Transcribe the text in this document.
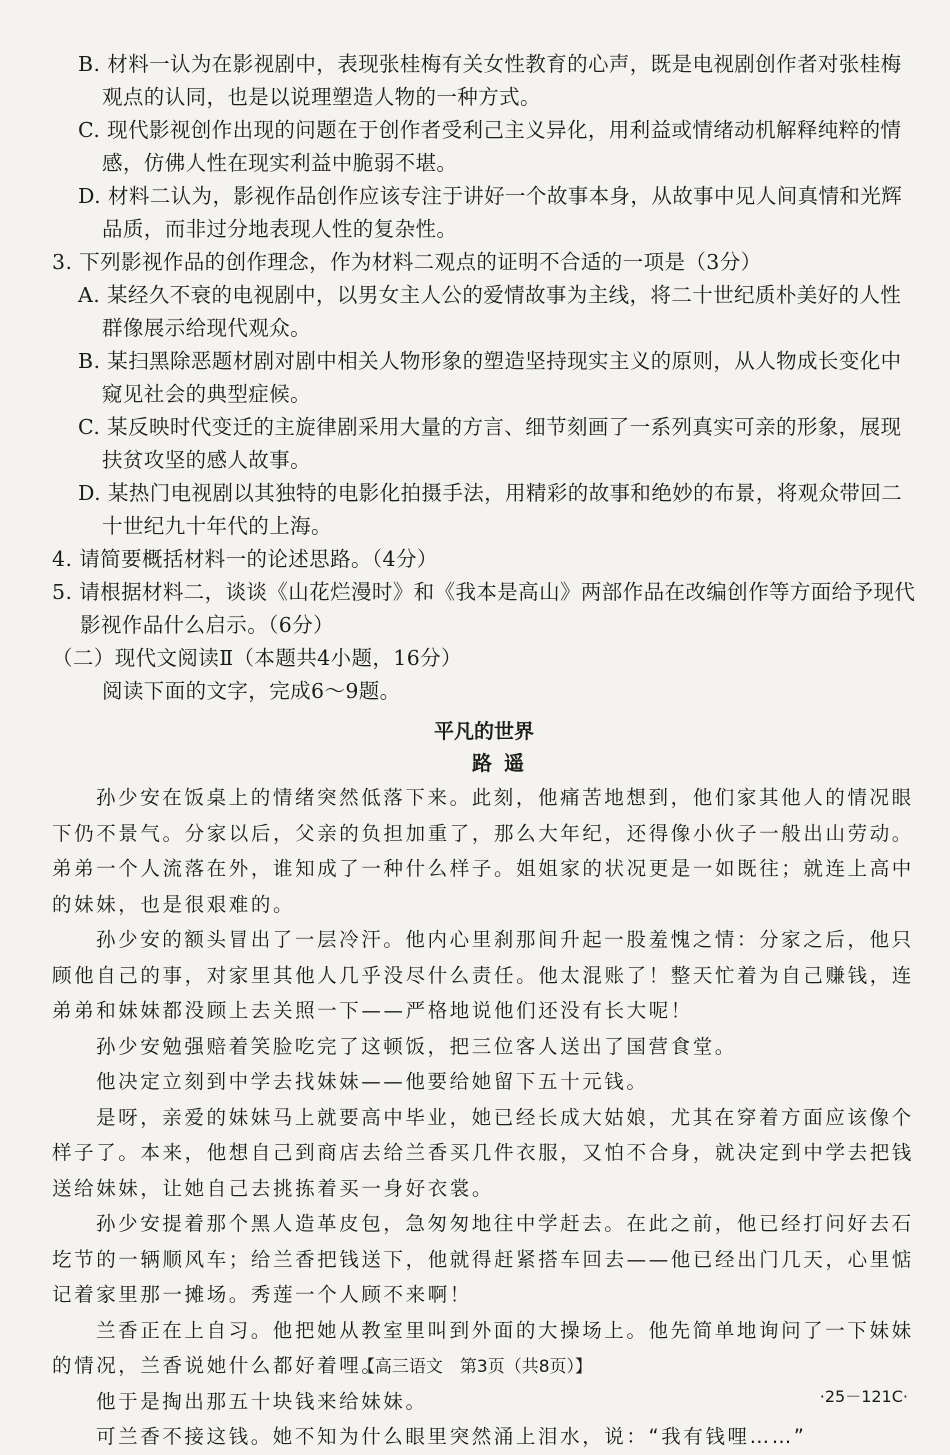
B. 材料一认为在影视剧中，表现张桂梅有关女性教育的心声，既是电视剧创作者对张桂梅观点的认同，也是以说理塑造人物的一种方式。

C. 现代影视创作出现的问题在于创作者受利己主义异化，用利益或情绪动机解释纯粹的情感，仿佛人性在现实利益中脆弱不堪。

D. 材料二认为，影视作品创作应该专注于讲好一个故事本身，从故事中见人间真情和光辉品质，而非过分地表现人性的复杂性。

3. 下列影视作品的创作理念，作为材料二观点的证明不合适的一项是（3分）

A. 某经久不衰的电视剧中，以男女主人公的爱情故事为主线，将二十世纪质朴美好的人性群像展示给现代观众。

B. 某扫黑除恶题材剧对剧中相关人物形象的塑造坚持现实主义的原则，从人物成长变化中窥见社会的典型症候。

C. 某反映时代变迁的主旋律剧采用大量的方言、细节刻画了一系列真实可亲的形象，展现扶贫攻坚的感人故事。

D. 某热门电视剧以其独特的电影化拍摄手法，用精彩的故事和绝妙的布景，将观众带回二十世纪九十年代的上海。

4. 请简要概括材料一的论述思路。（4分）

5. 请根据材料二，谈谈《山花烂漫时》和《我本是高山》两部作品在改编创作等方面给予现代影视作品什么启示。（6分）

（二）现代文阅读Ⅱ（本题共4小题，16分）

阅读下面的文字，完成6～9题。

平凡的世界
路遥

孙少安在饭桌上的情绪突然低落下来。此刻，他痛苦地想到，他们家其他人的情况眼下仍不景气。分家以后，父亲的负担加重了，那么大年纪，还得像小伙子一般出山劳动。弟弟一个人流落在外，谁知成了一种什么样子。姐姐家的状况更是一如既往；就连上高中的妹妹，也是很艰难的。

孙少安的额头冒出了一层冷汗。他内心里刹那间升起一股羞愧之情：分家之后，他只顾他自己的事，对家里其他人几乎没尽什么责任。他太混账了！整天忙着为自己赚钱，连弟弟和妹妹都没顾上去关照一下——严格地说他们还没有长大呢！

孙少安勉强赔着笑脸吃完了这顿饭，把三位客人送出了国营食堂。

他决定立刻到中学去找妹妹——他要给她留下五十元钱。

是呀，亲爱的妹妹马上就要高中毕业，她已经长成大姑娘，尤其在穿着方面应该像个样子了。本来，他想自己到商店去给兰香买几件衣服，又怕不合身，就决定到中学去把钱送给妹妹，让她自己去挑拣着买一身好衣裳。

孙少安提着那个黑人造革皮包，急匆匆地往中学赶去。在此之前，他已经打问好去石圪节的一辆顺风车；给兰香把钱送下，他就得赶紧搭车回去——他已经出门几天，心里惦记着家里那一摊场。秀莲一个人顾不来啊！

兰香正在上自习。他把她从教室里叫到外面的大操场上。他先简单地询问了一下妹妹的情况，兰香说她什么都好着哩。

他于是掏出那五十块钱来给妹妹。

可兰香不接这钱。她不知为什么眼里突然涌上泪水，说：“我有钱哩……”

【高三语文　第3页（共8页）】
·25－121C·
